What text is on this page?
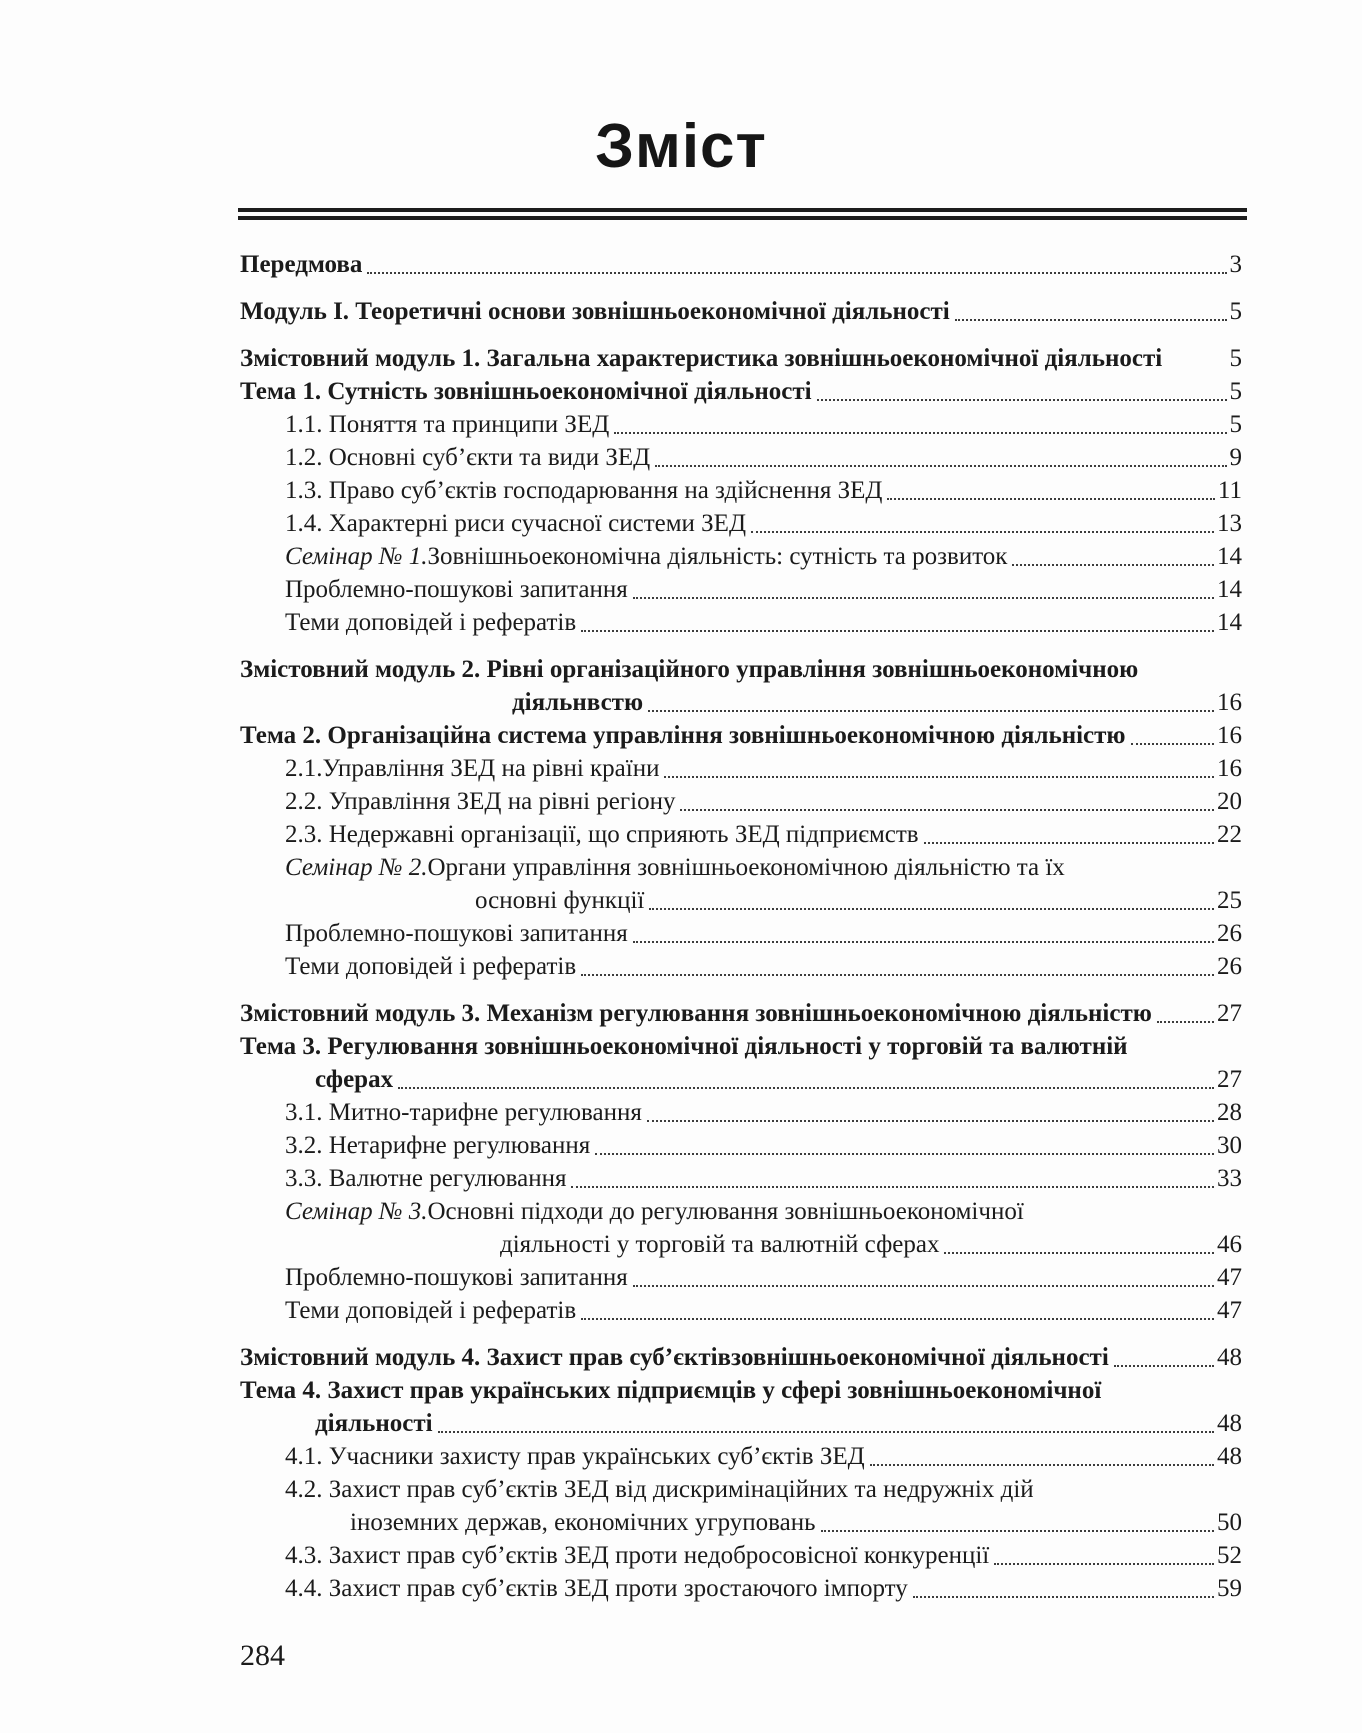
Зміст
Передмова	3
Модуль І. Теоретичні основи зовнішньоекономічної діяльності	5
Змістовний модуль 1. Загальна характеристика зовнішньоекономічної діяльності	5
Тема 1. Сутність зовнішньоекономічної діяльності	5
1.1. Поняття та принципи ЗЕД	5
1.2. Основні суб’єкти та види ЗЕД	9
1.3. Право суб’єктів господарювання на здійснення ЗЕД	11
1.4. Характерні риси сучасної системи ЗЕД	13
Семінар № 1. Зовнішньоекономічна діяльність: сутність та розвиток	14
Проблемно-пошукові запитання	14
Теми доповідей і рефератів	14
Змістовний модуль 2. Рівні організаційного управління зовнішньоекономічною
діяльнвстю	16
Тема 2. Організаційна система управління зовнішньоекономічною діяльністю	16
2.1.Управління ЗЕД на рівні країни	16
2.2. Управління ЗЕД на рівні регіону	20
2.3. Недержавні організації, що сприяють ЗЕД підприємств	22
Семінар № 2. Органи управління зовнішньоекономічною діяльністю та їх
основні функції	25
Проблемно-пошукові запитання	26
Теми доповідей і рефератів	26
Змістовний модуль 3. Механізм регулювання зовнішньоекономічною діяльністю	27
Тема 3. Регулювання зовнішньоекономічної діяльності у торговій та валютній
сферах	27
3.1. Митно-тарифне регулювання	28
3.2. Нетарифне регулювання	30
3.3. Валютне регулювання	33
Семінар № 3. Основні підходи до регулювання зовнішньоекономічної
діяльності у торговій та валютній сферах	46
Проблемно-пошукові запитання	47
Теми доповідей і рефератів	47
Змістовний модуль 4. Захист прав суб’єктівзовнішньоекономічної діяльності	48
Тема 4. Захист прав українських підприємців у сфері зовнішньоекономічної
діяльності	48
4.1. Учасники захисту прав українських суб’єктів ЗЕД	48
4.2. Захист прав суб’єктів ЗЕД від дискримінаційних та недружніх дій
іноземних держав, економічних угруповань	50
4.3. Захист прав суб’єктів ЗЕД проти недобросовісної конкуренції	52
4.4. Захист прав суб’єктів ЗЕД проти зростаючого імпорту	59
284
